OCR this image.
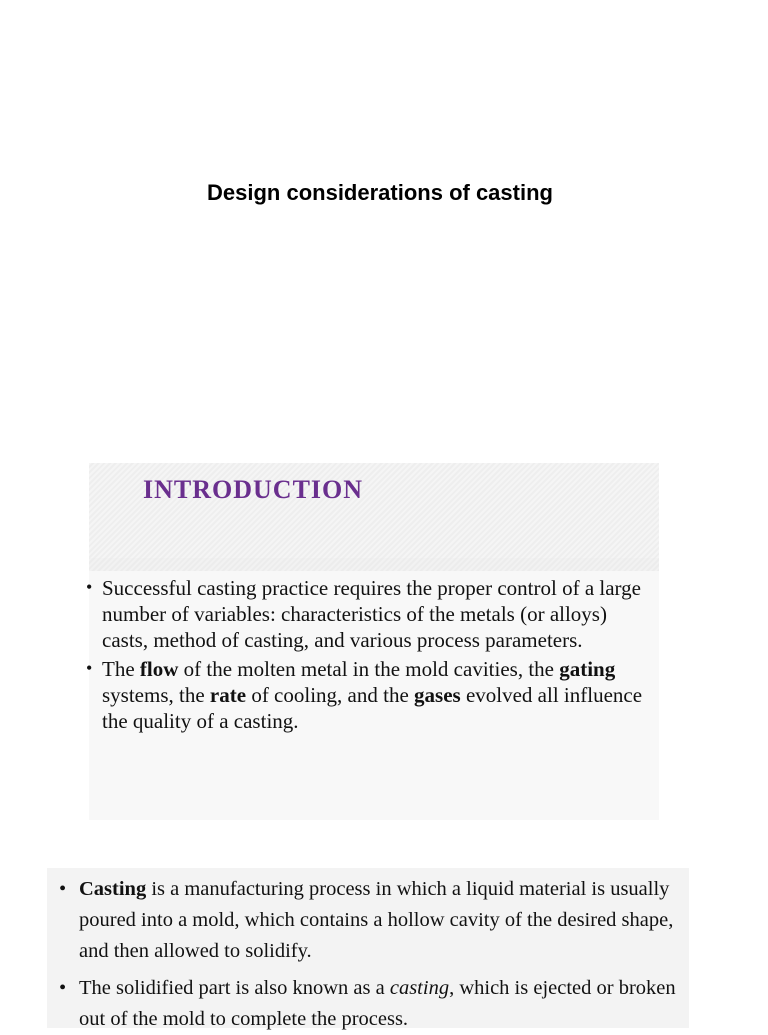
Design considerations of casting
INTRODUCTION
• Successful casting practice requires the proper control of a large number of variables: characteristics of the metals (or alloys) casts, method of casting, and various process parameters.
• The flow of the molten metal in the mold cavities, the gating systems, the rate of cooling, and the gases evolved all influence the quality of a casting.
• Casting is a manufacturing process in which a liquid material is usually poured into a mold, which contains a hollow cavity of the desired shape, and then allowed to solidify.
• The solidified part is also known as a casting, which is ejected or broken out of the mold to complete the process.
